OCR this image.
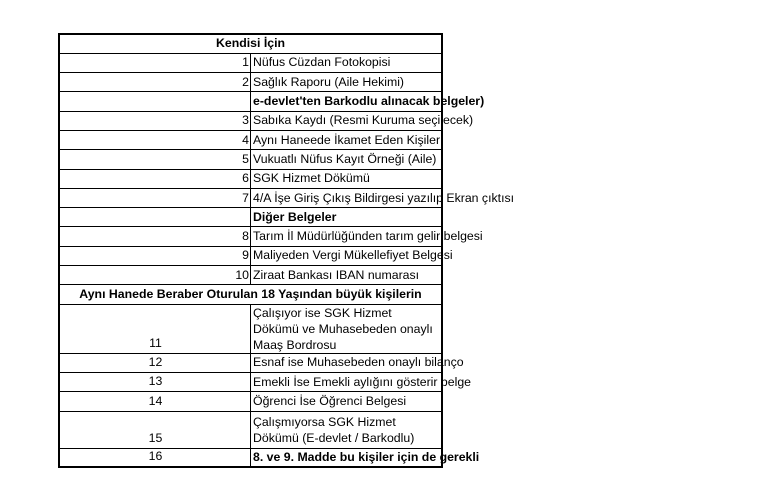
Kendisi İçin	
1	Nüfus Cüzdan Fotokopisi
2	Sağlık Raporu (Aile Hekimi)
	e-devlet'ten Barkodlu alınacak belgeler)
3	Sabıka Kaydı (Resmi Kuruma seçilecek)
4	Aynı Haneede İkamet Eden Kişiler
5	Vukuatlı Nüfus Kayıt Örneği (Aile)
6	SGK Hizmet Dökümü
7	4/A İşe Giriş Çıkış Bildirgesi yazılıp Ekran çıktısı
	Diğer Belgeler
8	Tarım İl Müdürlüğünden tarım gelir belgesi
9	Maliyeden Vergi Mükellefiyet Belgesi
10	Ziraat Bankası IBAN numarası
Aynı Hanede Beraber Oturulan 18 Yaşından büyük kişilerin	
11	Çalışıyor ise SGK Hizmet Dökümü ve Muhasebeden onaylı Maaş Bordrosu
12	Esnaf ise Muhasebeden onaylı bilanço
13	Emekli İse Emekli aylığını gösterir belge
14	Öğrenci İse Öğrenci Belgesi
15	Çalışmıyorsa SGK Hizmet Dökümü (E-devlet / Barkodlu)
16	8. ve 9. Madde bu kişiler için de gerekli
